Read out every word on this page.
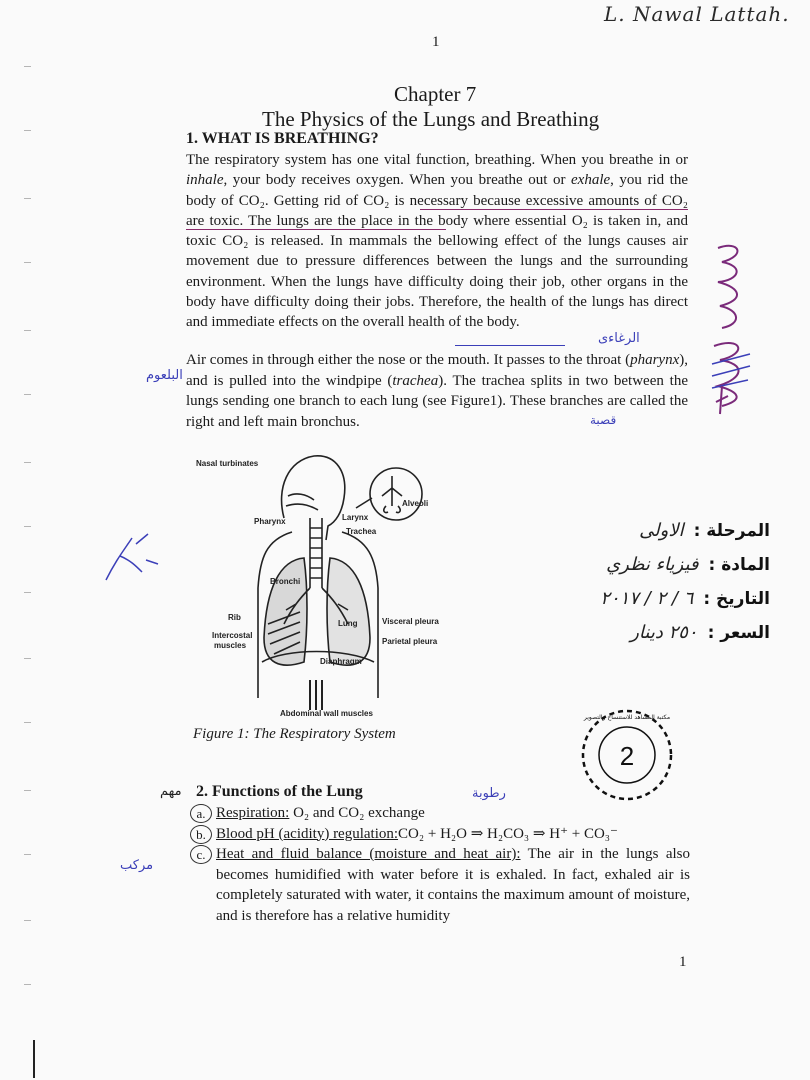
L. Nawal Lattah.
1
Chapter 7
The Physics of the Lungs and Breathing
1. WHAT IS BREATHING?

The respiratory system has one vital function, breathing. When you breathe in or inhale, your body receives oxygen. When you breathe out or exhale, you rid the body of CO₂. Getting rid of CO₂ is necessary because excessive amounts of CO₂ are toxic. The lungs are the place in the body where essential O₂ is taken in, and toxic CO₂ is released. In mammals the bellowing effect of the lungs causes air movement due to pressure differences between the lungs and the surrounding environment. When the lungs have difficulty doing their job, other organs in the body have difficulty doing their jobs. Therefore, the health of the lungs has direct and immediate effects on the overall health of the body.

Air comes in through either the nose or the mouth. It passes to the throat (pharynx), and is pulled into the windpipe (trachea). The trachea splits in two between the lungs sending one branch to each lung (see Figure1). These branches are called the right and left main bronchus.
الرغاءى
البلعوم
قصبة
Nasal turbinates
Pharynx	Larynx
Trachea
Alveoli
Bronchi
Rib
Intercostal
muscles
Lung	Visceral pleura
Parietal pleura
Diaphragm
Abdominal wall muscles
Figure 1: The Respiratory System
المرحلة :
الاولى
المادة :
فيزياء نظري
التاريخ :
٦ / ٢ / ٢٠١٧
السعر :
٢٥٠ دينار
2
مكتبة المشاهد للاستنساخ والتصوير
2. Functions of the Lung
مهم	رطوبة
مركب
a. Respiration: O₂ and CO₂ exchange
b. Blood pH (acidity) regulation:CO₂ + H₂O ⇒ H₂CO₃ ⇒ H⁺ + CO₃⁻
c. Heat and fluid balance (moisture and heat air): The air in the lungs also becomes humidified with water before it is exhaled. In fact, exhaled air is completely saturated with water, it contains the maximum amount of moisture, and is therefore has a relative humidity
1
